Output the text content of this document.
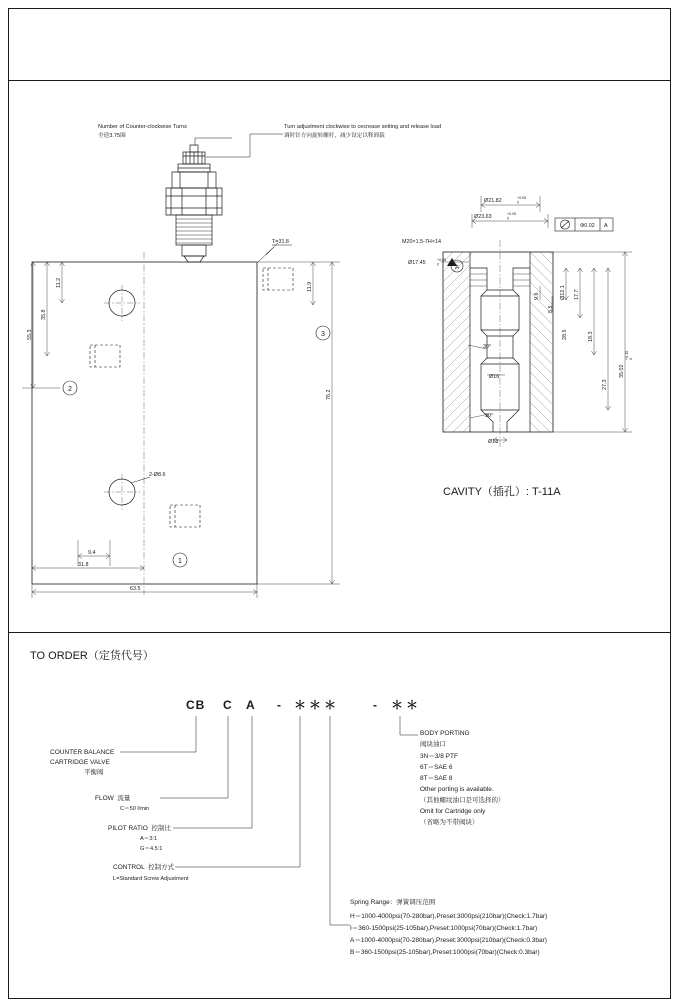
11.2
35.8
55.3
11.9
76.2
9.4
31.8
63.5
2-Ø8.6
T=31.8
2
1
3
Ø21.82	+0.05
0
Ø23.63	+0.05
0
M20×1.5-7H×14
Ø17.45	+0.05
0
Φ0.02 A
A
Ø16
Ø13
30°
30°
9.6
5.5
Ø12.1 17.7
18.3
27.3
35.02
+0.15 0
28.5
Number of Counter-clockwise Turns
全逆3.75圈
Turn adjustment clockwise to cecrease setting and release load
调时针方向旋转螺杆，减少设定以释卸载
CAVITY（插孔）: T-11A
TO ORDER（定货代号）
CB C A - ＊＊＊	- ＊＊
COUNTER BALANCE
CARTRIDGE VALVE
平衡阀
FLOW  流量
C＝50 l/min
PILOT RATIO  控制比
A＝3:1
G＝4.5:1
CONTROL  控制方式
L=Standard Screw Adjustment
BODY PORTING
阀块油口
3N＝3/8 PTF
6T＝SAE 6
8T＝SAE 8
Other porting is available.
（其他螺纹油口是可选择的）
Omit for Cartridge only
（省略为不带阀块）
Spring Range：弹簧调压范围
H＝1000-4000psi(70-280bar),Preset:3000psi(210bar)(Check:1.7bar)
I＝360-1500psi(25-105bar),Preset:1000psi(70bar)(Check:1.7bar)
A＝1000-4000psi(70-280bar),Preset:3000psi(210bar)(Check:0.3bar)
B＝360-1500psi(25-105bar),Preset:1000psi(70bar)(Check:0.3bar)
